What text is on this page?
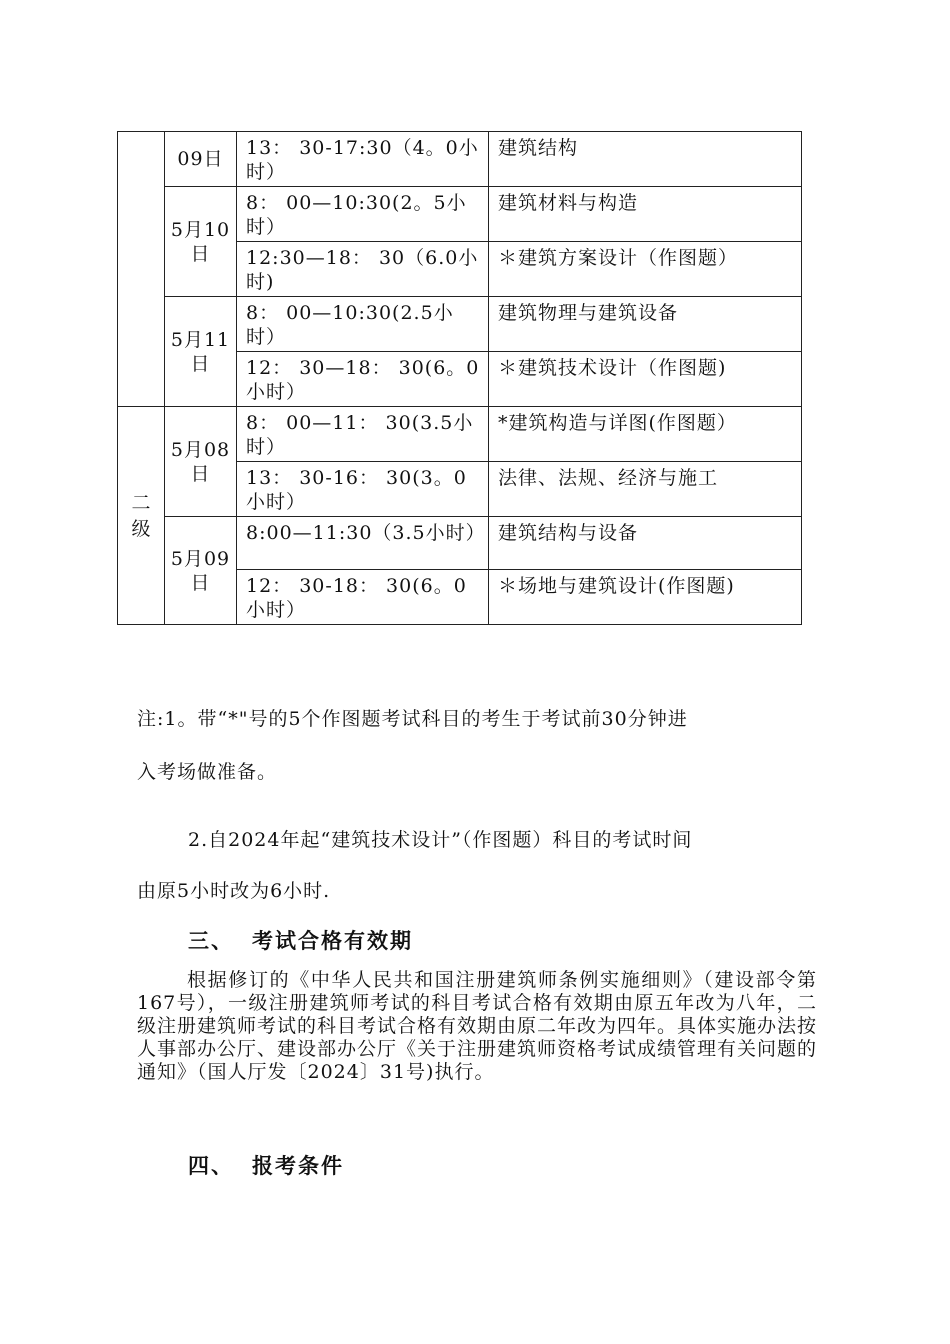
	09日	13： 30-17:30（4。0小时）	建筑结构
	5月10日	8： 00—10:30(2。5小时）	建筑材料与构造
		12:30—18： 30（6.0小时)	＊建筑方案设计（作图题）
	5月11日	8： 00—10:30(2.5小时）	建筑物理与建筑设备
		12： 30—18： 30(6。0小时）	＊建筑技术设计（作图题)
二级	5月08日	8： 00—11： 30(3.5小时）	*建筑构造与详图(作图题）
		13： 30-16： 30(3。0小时）	法律、法规、经济与施工
	5月09日	8:00—11:30（3.5小时）	建筑结构与设备
		12： 30-18： 30(6。0小时）	＊场地与建筑设计(作图题)
注:1。带“*"号的5个作图题考试科目的考生于考试前30分钟进
入考场做准备。
2.自2024年起“建筑技术设计”（作图题）科目的考试时间
由原5小时改为6小时.
三、 考试合格有效期
根据修订的《中华人民共和国注册建筑师条例实施细则》（建设部令第167号），一级注册建筑师考试的科目考试合格有效期由原五年改为八年，二级注册建筑师考试的科目考试合格有效期由原二年改为四年。具体实施办法按人事部办公厅、建设部办公厅《关于注册建筑师资格考试成绩管理有关问题的通知》（国人厅发〔2024〕31号)执行。
四、 报考条件
